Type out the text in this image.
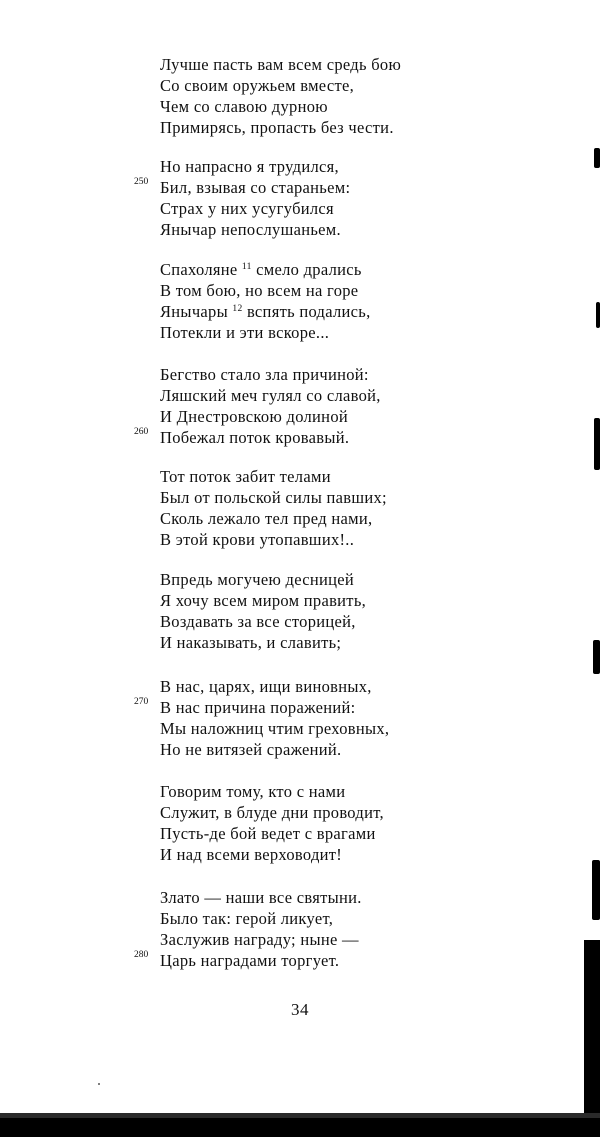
Лучше пасть вам всем средь бою
Со своим оружьем вместе,
Чем со славою дурною
Примирясь, пропасть без чести.
Но напрасно я трудился,
250 Бил, взывая со стараньем:
Страх у них усугубился
Янычар непослушаньем.
Спахоляне $^{11}$ смело дрались
В том бою, но всем на горе
Янычары $^{12}$ вспять подались,
Потекли и эти вскоре...
Бегство стало зла причиной:
Ляшский меч гулял со славой,
И Днестровскою долиной
260 Побежал поток кровавый.
Тот поток забит телами
Был от польской силы павших;
Сколь лежало тел пред нами,
В этой крови утопавших!..
Впредь могучею десницей
Я хочу всем миром править,
Воздавать за все сторицей,
И наказывать, и славить;
В нас, царях, ищи виновных,
270 В нас причина поражений:
Мы наложниц чтим греховных,
Но не витязей сражений.
Говорим тому, кто с нами
Служит, в блуде дни проводит,
Пусть-де бой ведет с врагами
И над всеми верховодит!
Злато — наши все святыни.
Было так: герой ликует,
Заслужив награду; ныне —
280 Царь наградами торгует.
34
